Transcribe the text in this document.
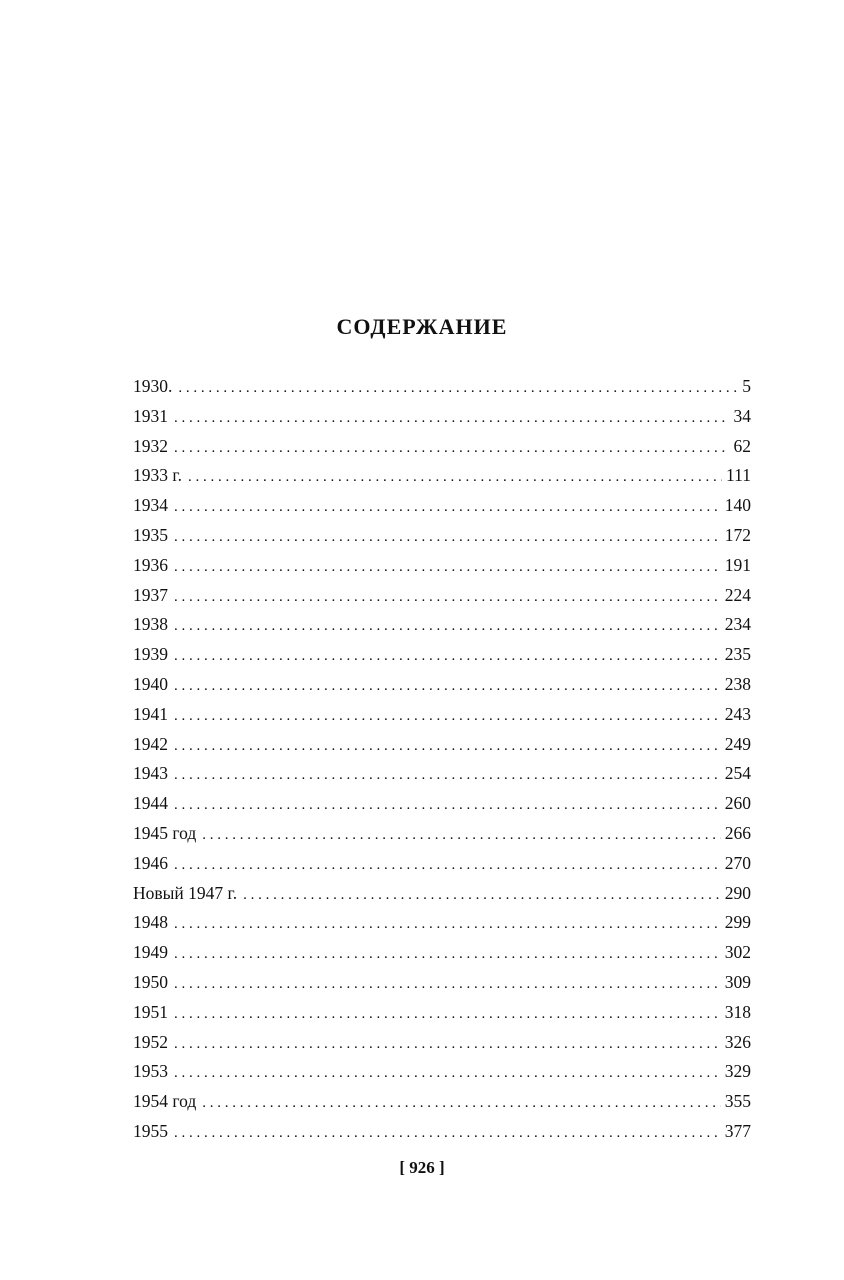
СОДЕРЖАНИЕ
1930. . . .	5
1931 . . .	34
1932 . . .	62
1933 г. . . .	111
1934 . . .	140
1935 . . .	172
1936 . . .	191
1937 . . .	224
1938 . . .	234
1939 . . .	235
1940 . . .	238
1941 . . .	243
1942 . . .	249
1943 . . .	254
1944 . . .	260
1945 год . . .	266
1946 . . .	270
Новый 1947 г. . . .	290
1948 . . .	299
1949 . . .	302
1950 . . .	309
1951 . . .	318
1952 . . .	326
1953 . . .	329
1954 год . . .	355
1955 . . .	377
[ 926 ]
